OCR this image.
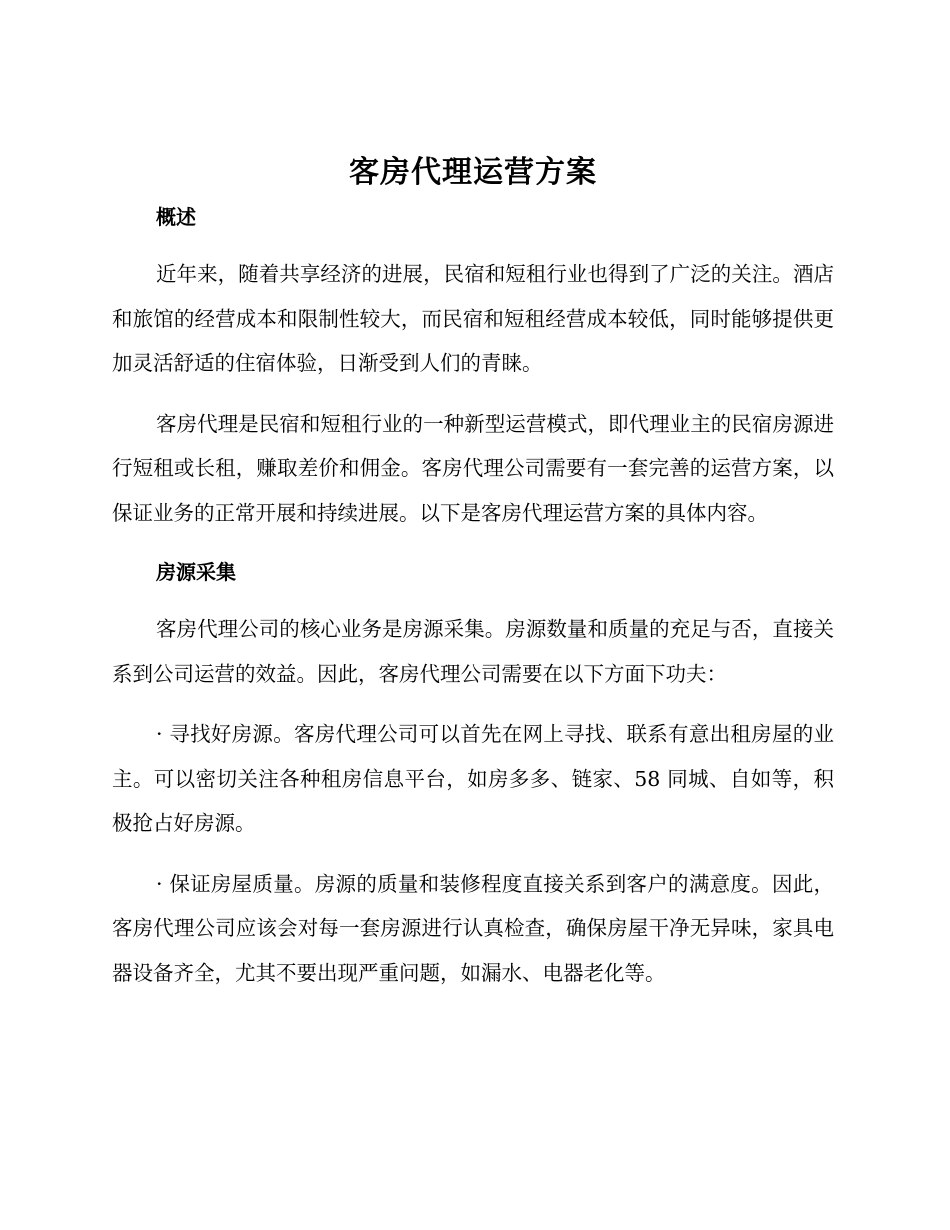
客房代理运营方案
概述

近年来，随着共享经济的进展，民宿和短租行业也得到了广泛的关注。酒店和旅馆的经营成本和限制性较大，而民宿和短租经营成本较低，同时能够提供更加灵活舒适的住宿体验，日渐受到人们的青睐。

客房代理是民宿和短租行业的一种新型运营模式，即代理业主的民宿房源进行短租或长租，赚取差价和佣金。客房代理公司需要有一套完善的运营方案，以保证业务的正常开展和持续进展。以下是客房代理运营方案的具体内容。

房源采集

客房代理公司的核心业务是房源采集。房源数量和质量的充足与否，直接关系到公司运营的效益。因此，客房代理公司需要在以下方面下功夫：

· 寻找好房源。客房代理公司可以首先在网上寻找、联系有意出租房屋的业主。可以密切关注各种租房信息平台，如房多多、链家、58 同城、自如等，积极抢占好房源。

· 保证房屋质量。房源的质量和装修程度直接关系到客户的满意度。因此，客房代理公司应该会对每一套房源进行认真检查，确保房屋干净无异味，家具电器设备齐全，尤其不要出现严重问题，如漏水、电器老化等。
